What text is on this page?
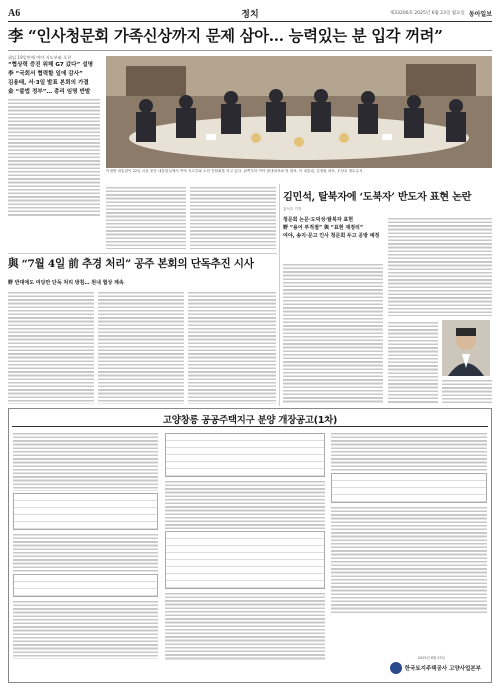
A6	정치	제33206호 2025년 6월 23일 월요일 동아일보
李 “인사청문회 가족신상까지 문제 삼아… 능력있는 분 입각 꺼려”
취임 19일만에 여야 지도부와 오찬
“협상력 증진 위해 G7 갔다” 설명
李 “국회서 협력할 일에 감사”
김용태, 서·3일 발표 본회의 가결
金 “불법 정부”… 총리 임명 반발
이재명 대통령이 22일 서울 용산 대통령실에서 여야 지도부와 오찬 간담회를 하고 있다. 왼쪽부터 여야 원내대표와 당 대표, 이 대통령, 김성원 대표, 우상호 정무수석.
與 “7월 4일 前 추경 처리” 공주 본회의 단독추진 시사
野 반대에도 여당만 단독 처리 방침… 원내 협상 계속
김민석, 탈북자에 ‘도북자’ 반도자 표현 논란
홍석호 기자
청문회 논문·도덕성·탈북자 표현
野 “용어 부적절” 與 “표현 재정리”
여야, 송지·문고 인사 청문회 두고 공방 예정
고양창릉 공공주택지구 분양 개장공고(1차)
2025년 6월 23일
한국토지주택공사 고양사업본부
